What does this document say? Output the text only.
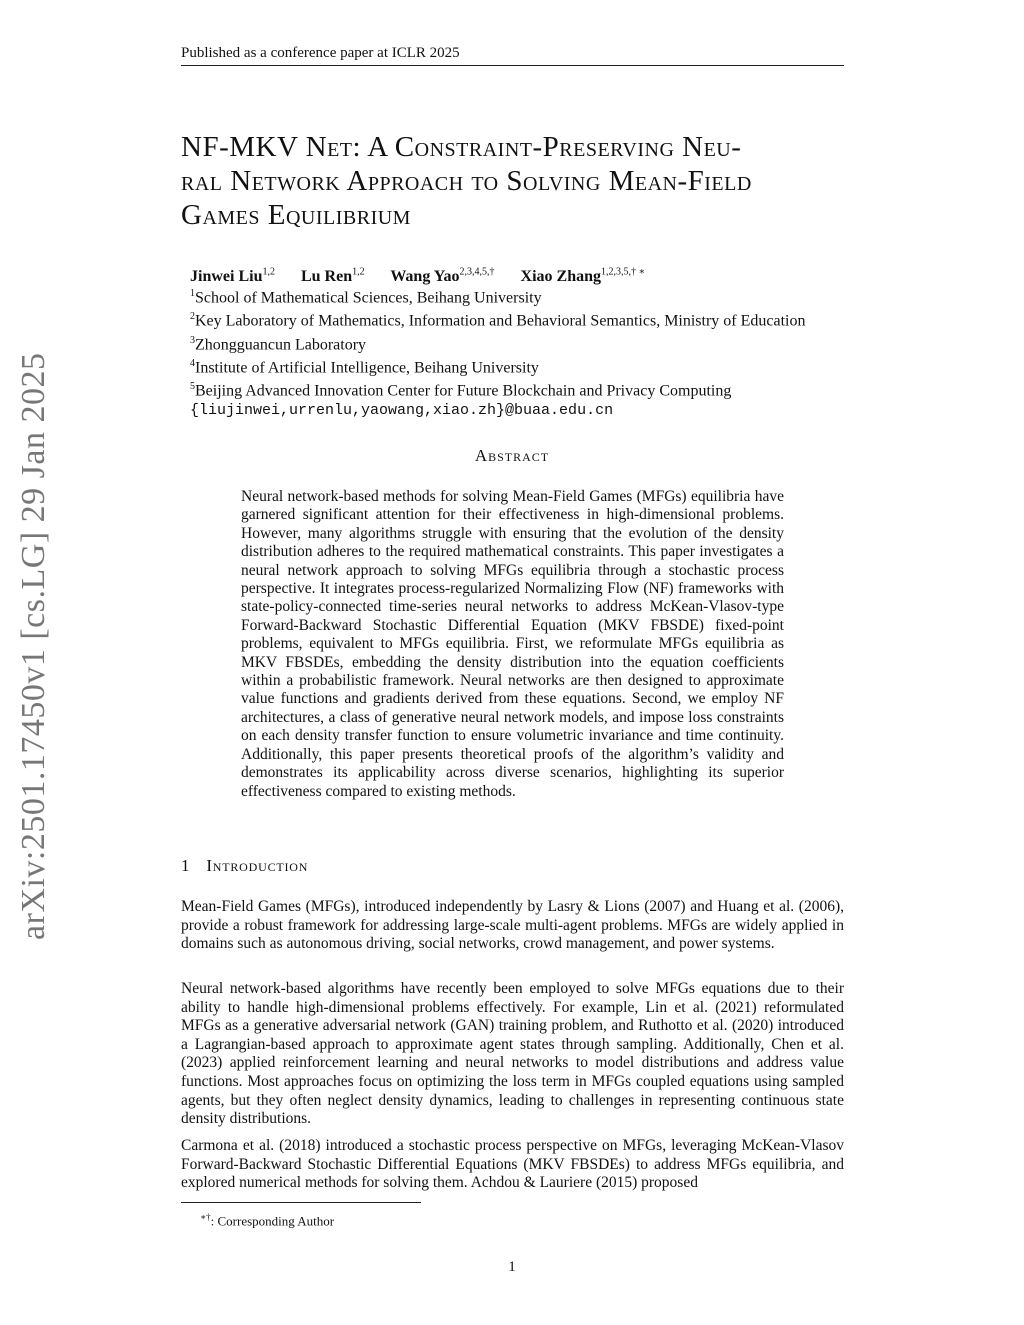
Published as a conference paper at ICLR 2025
arXiv:2501.17450v1 [cs.LG] 29 Jan 2025
NF-MKV Net: A Constraint-Preserving Neu-
ral Network Approach to Solving Mean-Field
Games Equilibrium
Jinwei Liu$^{1,2}$ Lu Ren$^{1,2}$ Wang Yao$^{2,3,4,5,\dagger}$ Xiao Zhang$^{1,2,3,5,\dagger ∗}$
$^1$School of Mathematical Sciences, Beihang University
$^2$Key Laboratory of Mathematics, Information and Behavioral Semantics, Ministry of Education
$^3$Zhongguancun Laboratory
$^4$Institute of Artificial Intelligence, Beihang University
$^5$Beijing Advanced Innovation Center for Future Blockchain and Privacy Computing
{liujinwei,urrenlu,yaowang,xiao.zh}@buaa.edu.cn
Abstract

Neural network-based methods for solving Mean-Field Games (MFGs) equilibria have garnered significant attention for their effectiveness in high-dimensional problems. However, many algorithms struggle with ensuring that the evolution of the density distribution adheres to the required mathematical constraints. This paper investigates a neural network approach to solving MFGs equilibria through a stochastic process perspective. It integrates process-regularized Normalizing Flow (NF) frameworks with state-policy-connected time-series neural networks to address McKean-Vlasov-type Forward-Backward Stochastic Differential Equation (MKV FBSDE) fixed-point problems, equivalent to MFGs equilibria. First, we reformulate MFGs equilibria as MKV FBSDEs, embedding the density distribution into the equation coefficients within a probabilistic framework. Neural networks are then designed to approximate value functions and gradients derived from these equations. Second, we employ NF architectures, a class of generative neural network models, and impose loss constraints on each density transfer function to ensure volumetric invariance and time continuity. Additionally, this paper presents theoretical proofs of the algorithm’s validity and demonstrates its applicability across diverse scenarios, highlighting its superior effectiveness compared to existing methods.

1 Introduction

Mean-Field Games (MFGs), introduced independently by Lasry & Lions (2007) and Huang et al. (2006), provide a robust framework for addressing large-scale multi-agent problems. MFGs are widely applied in domains such as autonomous driving, social networks, crowd management, and power systems.

Neural network-based algorithms have recently been employed to solve MFGs equations due to their ability to handle high-dimensional problems effectively. For example, Lin et al. (2021) reformulated MFGs as a generative adversarial network (GAN) training problem, and Ruthotto et al. (2020) introduced a Lagrangian-based approach to approximate agent states through sampling. Additionally, Chen et al. (2023) applied reinforcement learning and neural networks to model distributions and address value functions. Most approaches focus on optimizing the loss term in MFGs coupled equations using sampled agents, but they often neglect density dynamics, leading to challenges in representing continuous state density distributions.

Carmona et al. (2018) introduced a stochastic process perspective on MFGs, leveraging McKean-Vlasov Forward-Backward Stochastic Differential Equations (MKV FBSDEs) to address MFGs equilibria, and explored numerical methods for solving them. Achdou & Lauriere (2015) proposed

∗†: Corresponding Author
1
